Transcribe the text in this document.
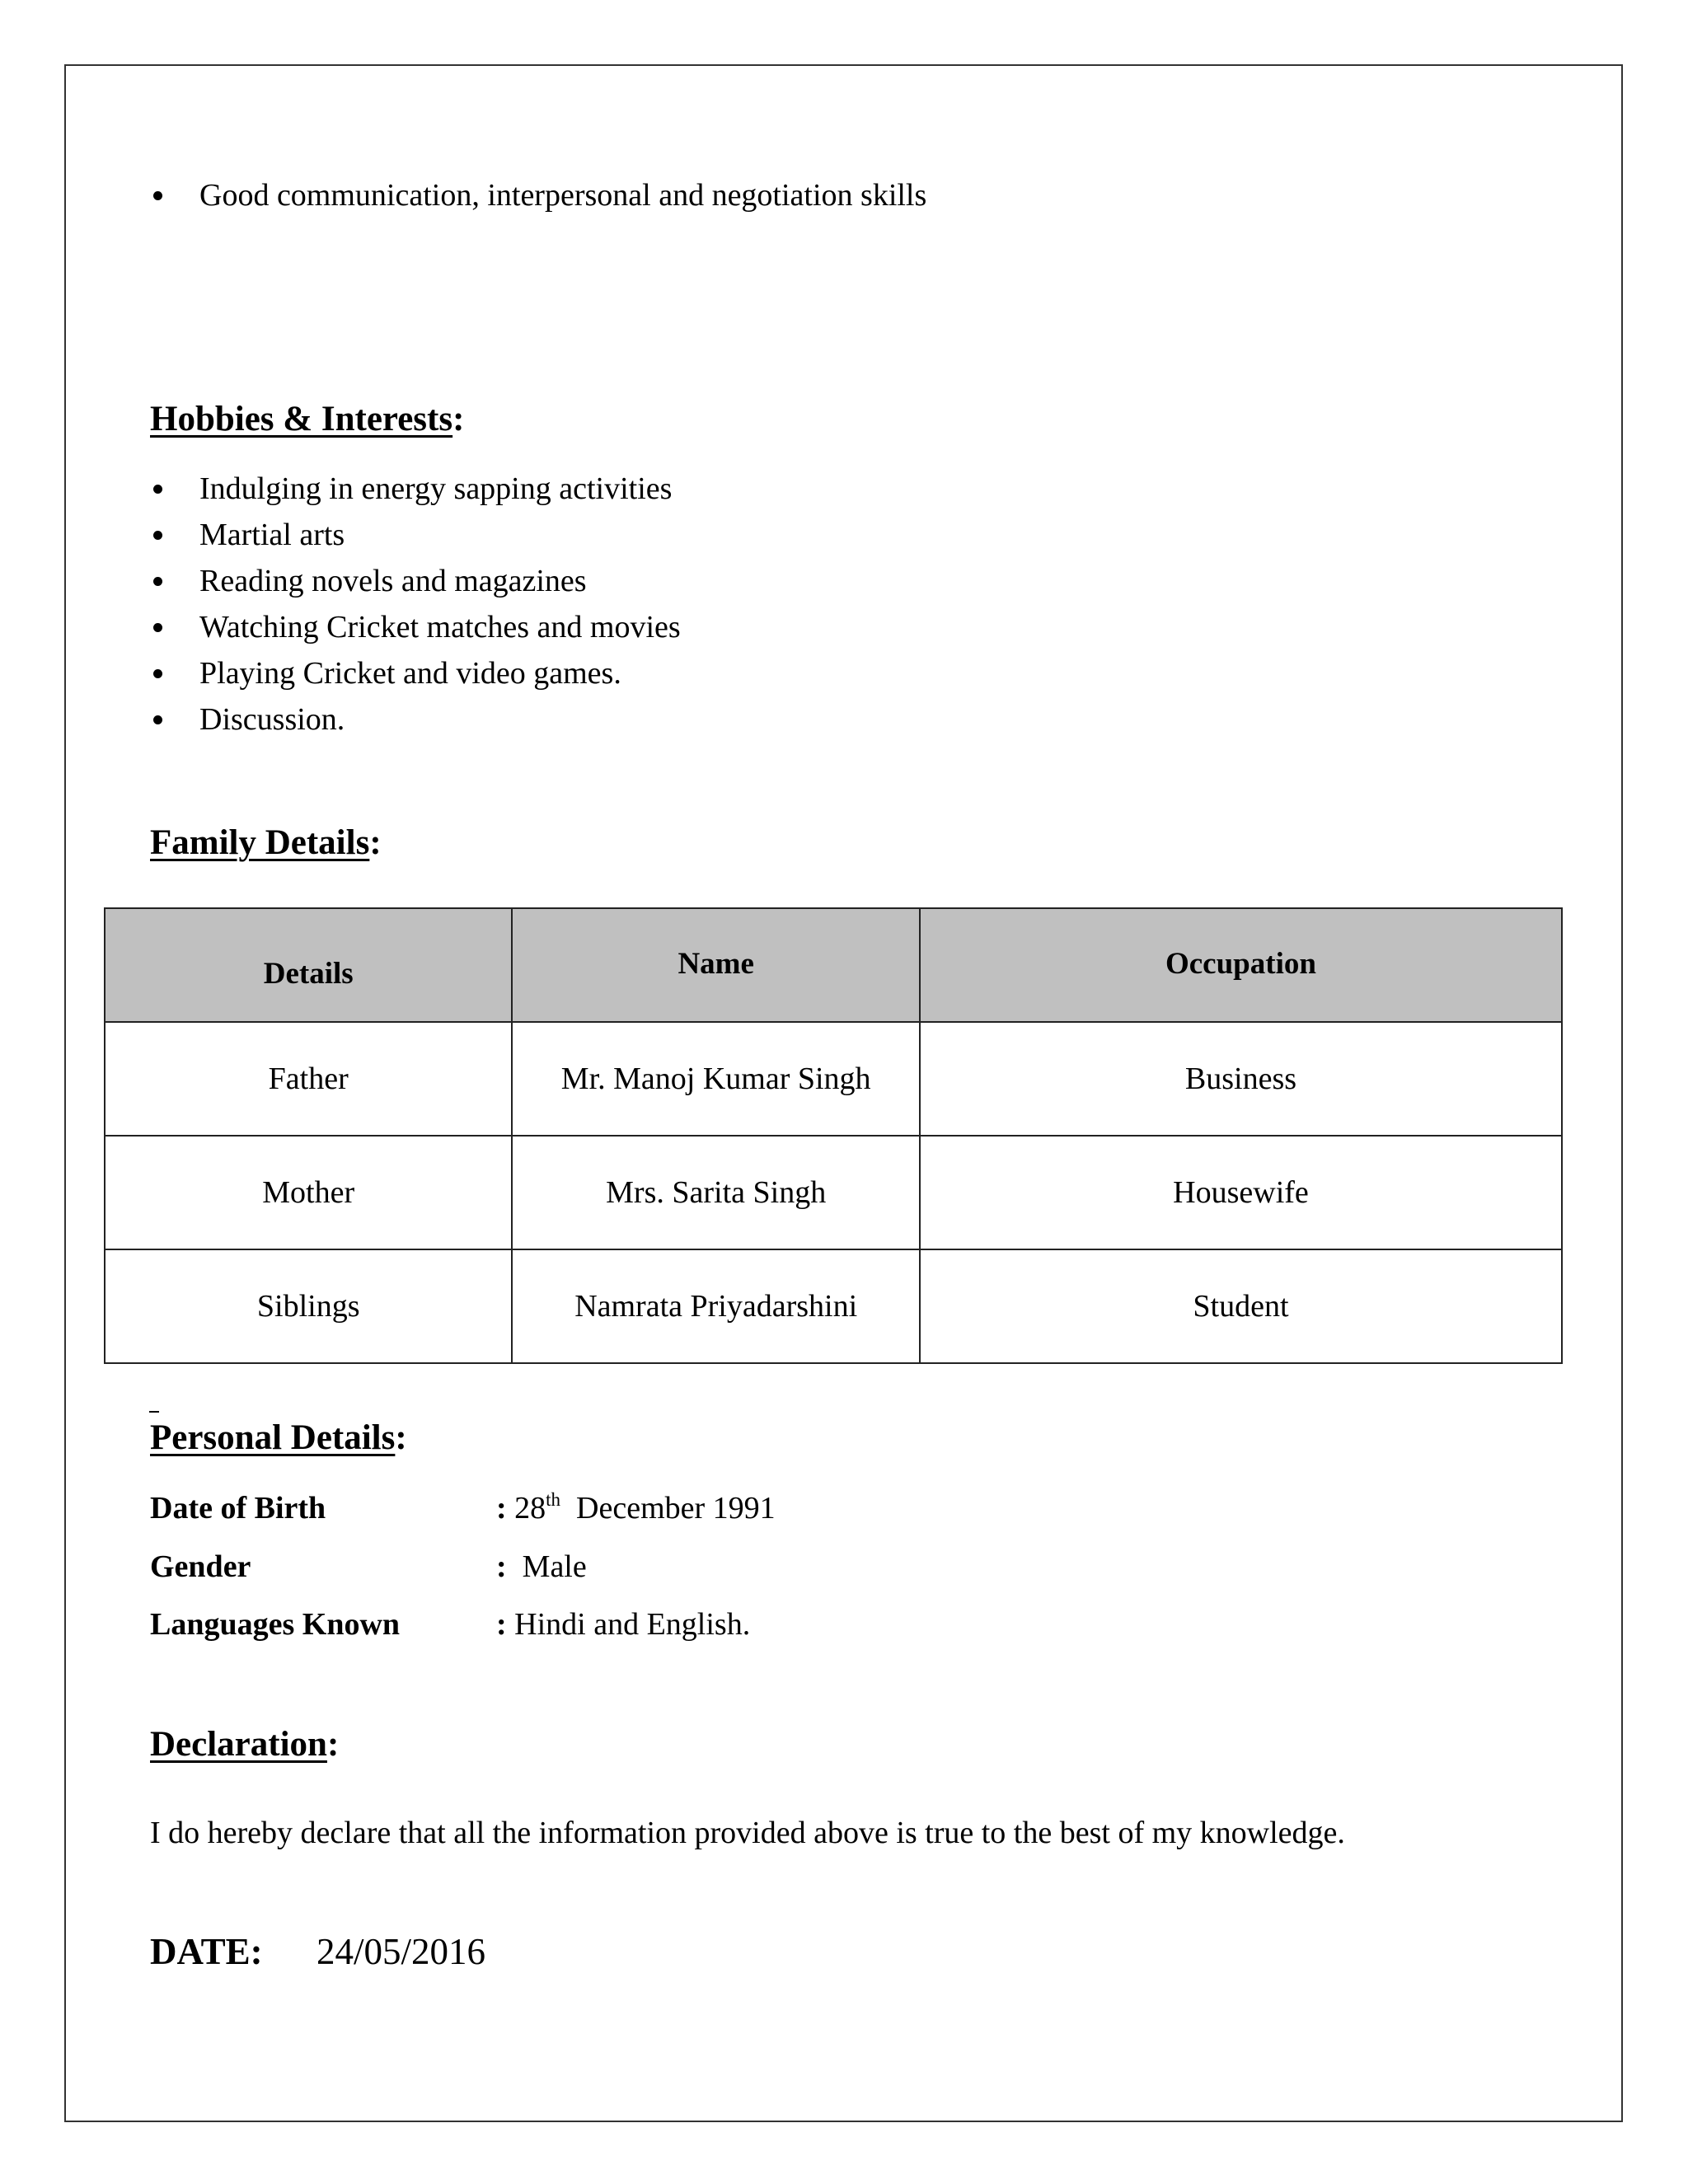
Good communication, interpersonal and negotiation skills
Hobbies & Interests:
Indulging in energy sapping activities
Martial arts
Reading novels and magazines
Watching Cricket matches and movies
Playing Cricket and video games.
Discussion.
Family Details:
Details	Name	Occupation
Father	Mr. Manoj Kumar Singh	Business
Mother	Mrs. Sarita Singh	Housewife
Siblings	Namrata Priyadarshini	Student
Personal Details:
Date of Birth	: 28th December 1991
Gender	: Male
Languages Known	: Hindi and English.
Declaration:

I do hereby declare that all the information provided above is true to the best of my knowledge.

DATE: 24/05/2016
